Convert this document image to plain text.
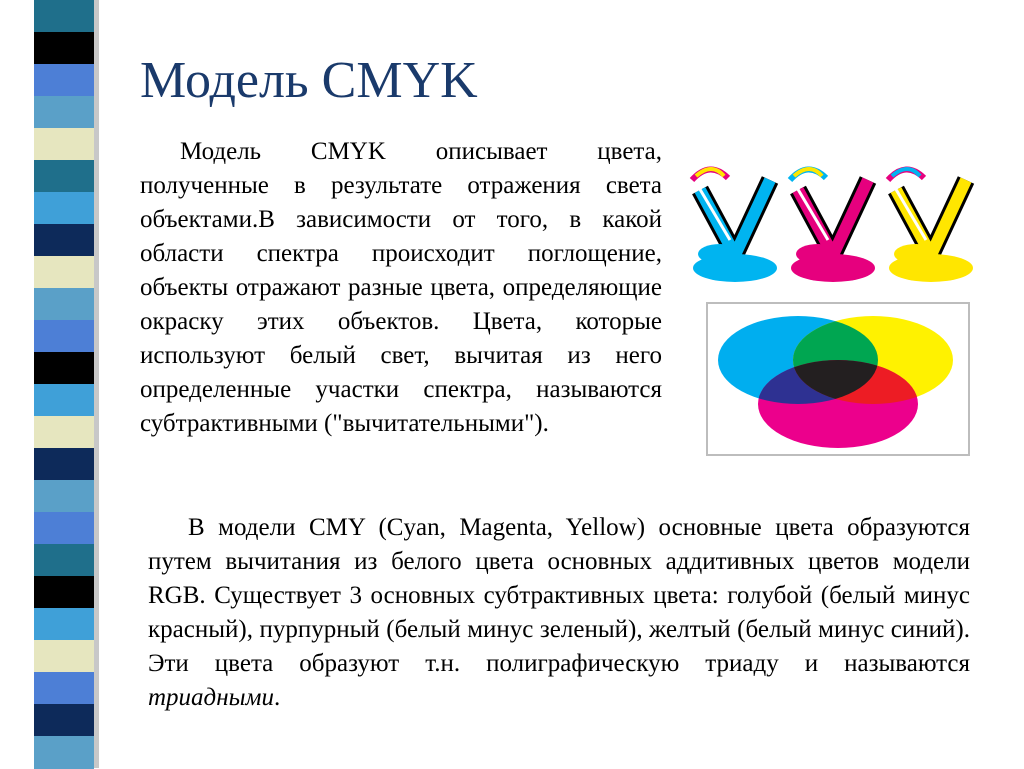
Модель CMYK

Модель CMYK описывает цвета, полученные в результате отражения света объектами.В зависимости от того, в какой области спектра происходит поглощение, объекты отражают разные цвета, определяющие окраску этих объектов. Цвета, которые используют белый свет, вычитая из него определенные участки спектра, называются субтрактивными ("вычитательными").

В модели CMY (Cyan, Magenta, Yellow) основные цвета образуются путем вычитания из белого цвета основных аддитивных цветов модели RGB. Существует 3 основных субтрактивных цвета: голубой (белый минус красный), пурпурный (белый минус зеленый), желтый (белый минус синий). Эти цвета образуют т.н. полиграфическую триаду и называются триадными.
